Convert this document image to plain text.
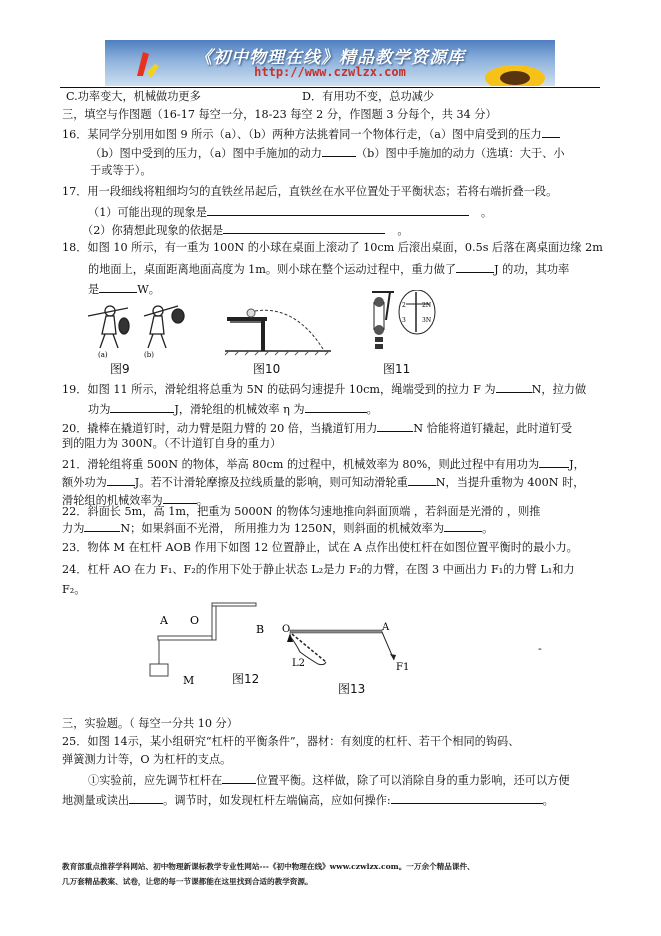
《初中物理在线》精品教学资源库
http://www.czwlzx.com
C.功率变大，机械做功更多	D．有用功不变，总功减少
三，填空与作图题（16-17 每空一分，18-23 每空 2 分，作图题 3 分每个，共 34 分）
16．某同学分别用如图 9 所示（a）、（b）两种方法挑着同一个物体行走，（a）图中肩受到的压力
（b）图中受到的压力，（a）图中手施加的动力	（b）图中手施加的动力（选填：大于、小
于或等于）。
17．用一段细线将粗细均匀的直铁丝吊起后，直铁丝在水平位置处于平衡状态；若将右端折叠一段。
（1）可能出现的现象是	。
（2）你猜想此现象的依据是	。
18．如图 10 所示，有一重为 100N 的小球在桌面上滚动了 10cm 后滚出桌面，0.5s 后落在离桌面边缘 2m
的地面上，桌面距离地面高度为 1m。则小球在整个运动过程中，重力做了	J 的功，其功率
是	W。
(a)	(b)
图9	图10
2	2N
3	3N
图11
19．如图 11 所示，滑轮组将总重为 5N 的砝码匀速提升 10cm，绳端受到的拉力 F 为	N，拉力做
功为	J，滑轮组的机械效率 η 为	。
20．撬棒在撬道钉时，动力臂是阻力臂的 20 倍，当撬道钉用力	N 恰能将道钉撬起，此时道钉受
到的阻力为 300N。（不计道钉自身的重力）
21．滑轮组将重 500N 的物体，举高 80cm 的过程中，机械效率为 80%，则此过程中有用功为	J，
额外功为	J。若不计滑轮摩擦及拉线质量的影响，则可知动滑轮重	N，当提升重物为 400N 时，
滑轮组的机械效率为	。
22．斜面长 5m，高 1m，把重为 5000N 的物体匀速地推向斜面顶端 ，若斜面是光滑的 ，则推
力为	N；如果斜面不光滑， 所用推力为 1250N，则斜面的机械效率为	。
23．物体 M 在杠杆 AOB 作用下如图 12 位置静止，试在 A 点作出使杠杆在如图位置平衡时的最小力。
24．杠杆 AO 在力 F₁、F₂的作用下处于静止状态 L₂是力 F₂的力臂，在图 3 中画出力 F₁的力臂 L₁和力
F₂。
A O
B
M	图12
O	A
L2	F1
图13
-
三，实验题。（ 每空一分共 10 分）
25．如图 14示，某小组研究“杠杆的平衡条件”，器材：有刻度的杠杆、若干个相同的钩码、
弹簧测力计等，O 为杠杆的支点。
①实验前，应先调节杠杆在	位置平衡。这样做，除了可以消除自身的重力影响，还可以方便
地测量或读出	。调节时，如发现杠杆左端偏高，应如何操作:	。
教育部重点推荐学科网站、初中物理新课标教学专业性网站---《初中物理在线》www.czwlzx.com。一万余个精品课件、
几万套精品教案、试卷，让您的每一节课都能在这里找到合适的教学资源。
